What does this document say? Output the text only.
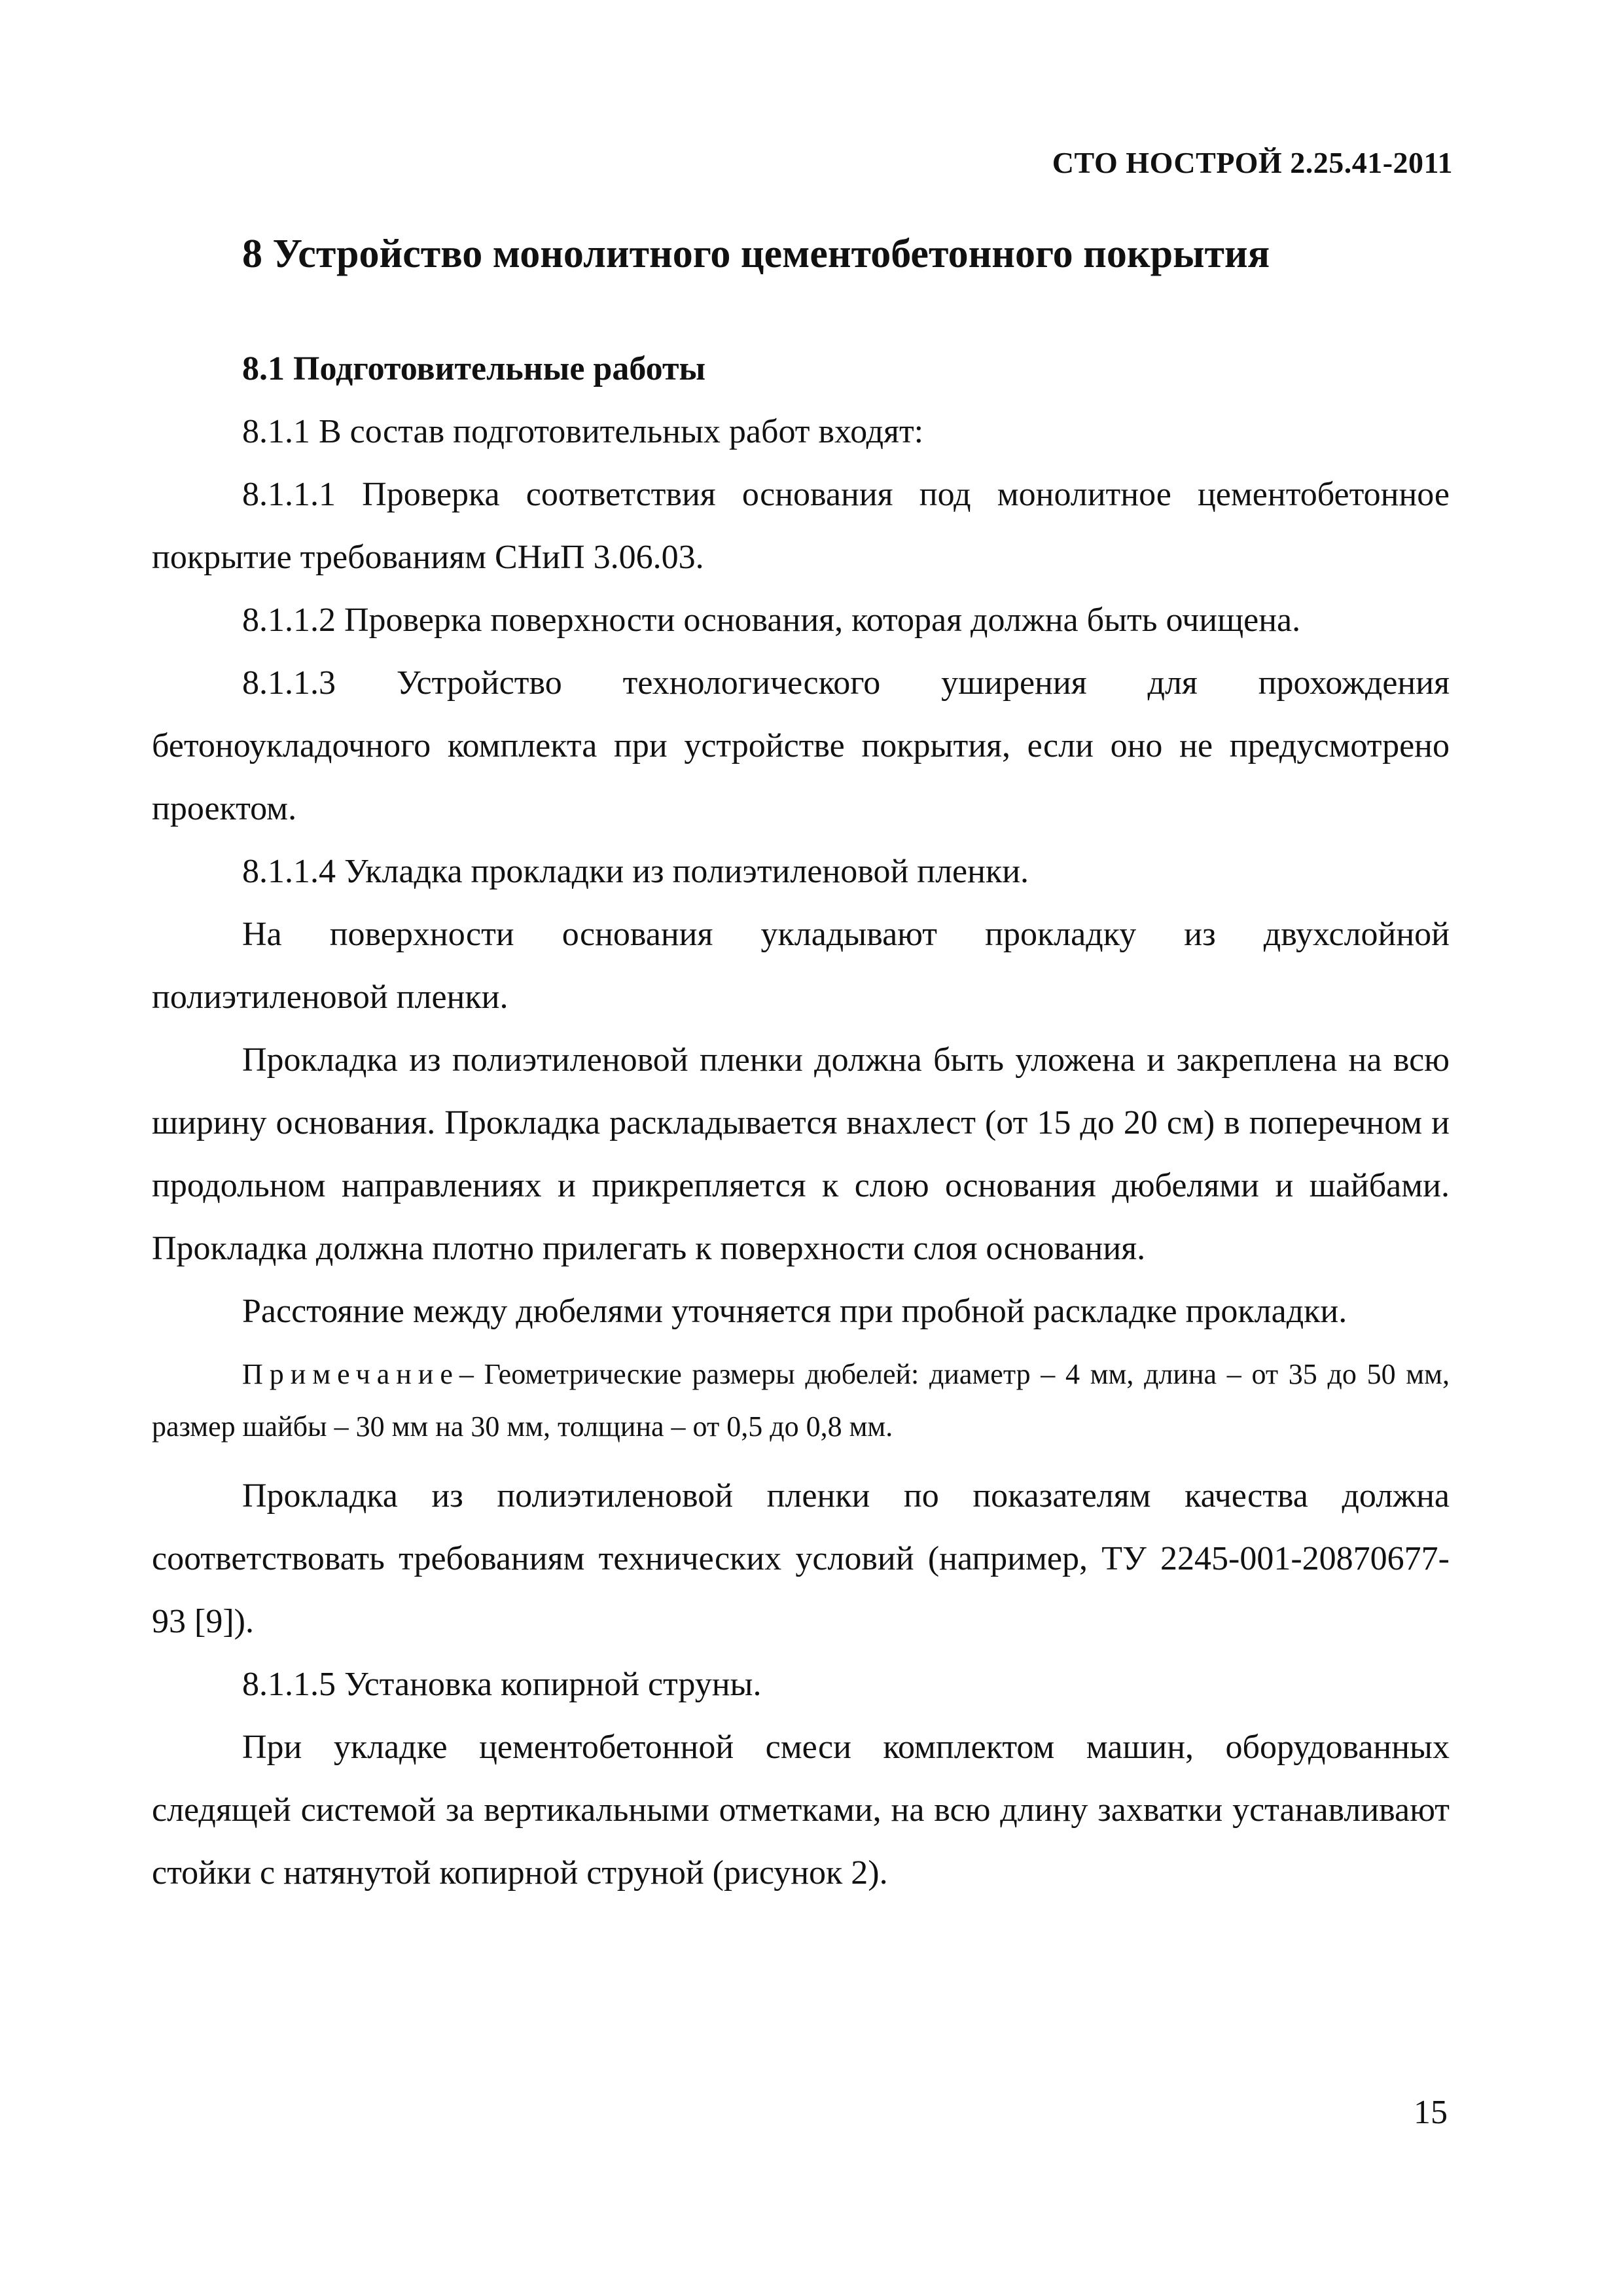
СТО НОСТРОЙ 2.25.41-2011
8 Устройство монолитного цементобетонного покрытия
8.1 Подготовительные работы

8.1.1 В состав подготовительных работ входят:

8.1.1.1 Проверка соответствия основания под монолитное цементобетонное покрытие требованиям СНиП 3.06.03.

8.1.1.2 Проверка поверхности основания, которая должна быть очищена.

8.1.1.3 Устройство технологического уширения для прохождения бетоноукладочного комплекта при устройстве покрытия, если оно не предусмотрено проектом.

8.1.1.4 Укладка прокладки из полиэтиленовой пленки.

На поверхности основания укладывают прокладку из двухслойной полиэтиленовой пленки.

Прокладка из полиэтиленовой пленки должна быть уложена и закреплена на всю ширину основания. Прокладка раскладывается внахлест (от 15 до 20 см) в поперечном и продольном направлениях и прикрепляется к слою основания дюбелями и шайбами. Прокладка должна плотно прилегать к поверхности слоя основания.

Расстояние между дюбелями уточняется при пробной раскладке прокладки.

Примечание– Геометрические размеры дюбелей: диаметр – 4 мм, длина – от 35 до 50 мм, размер шайбы – 30 мм на 30 мм, толщина – от 0,5 до 0,8 мм.

Прокладка из полиэтиленовой пленки по показателям качества должна соответствовать требованиям технических условий (например, ТУ 2245-001-20870677-93 [9]).

8.1.1.5 Установка копирной струны.

При укладке цементобетонной смеси комплектом машин, оборудованных следящей системой за вертикальными отметками, на всю длину захватки устанавливают стойки с натянутой копирной струной (рисунок 2).

15
